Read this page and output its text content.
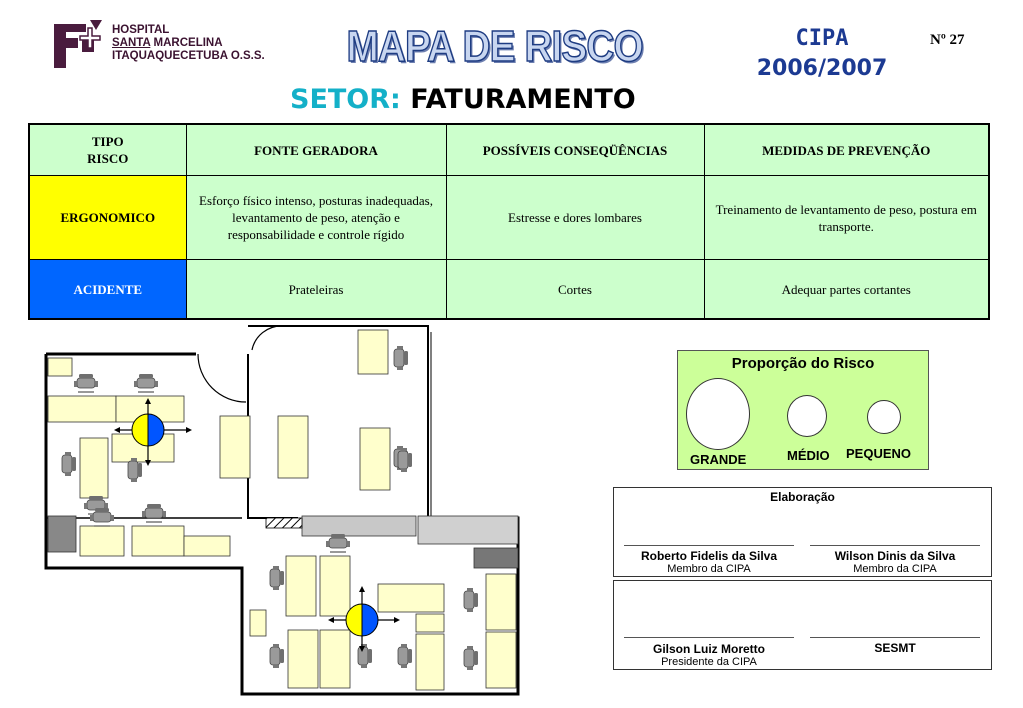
HOSPITAL
SANTA MARCELINA
ITAQUAQUECETUBA O.S.S. MAPA DE RISCO	CIPA
2006/2007
Nº 27
SETOR: FATURAMENTO
TIPO
RISCO	FONTE GERADORA	POSSÍVEIS CONSEQÜÊNCIAS	MEDIDAS DE PREVENÇÃO
ERGONOMICO	Esforço físico intenso, posturas inadequadas, levantamento de peso, atenção e responsabilidade e controle rígido	Estresse e dores lombares	Treinamento de levantamento de peso, postura em transporte.
ACIDENTE	Prateleiras	Cortes	Adequar partes cortantes
Proporção do Risco
GRANDE	MÉDIO PEQUENO
Elaboração
Roberto Fidelis da Silva
Membro da CIPA
Wilson Dinis da Silva
Membro da CIPA
Gilson Luiz Moretto
Presidente da CIPA
SESMT
